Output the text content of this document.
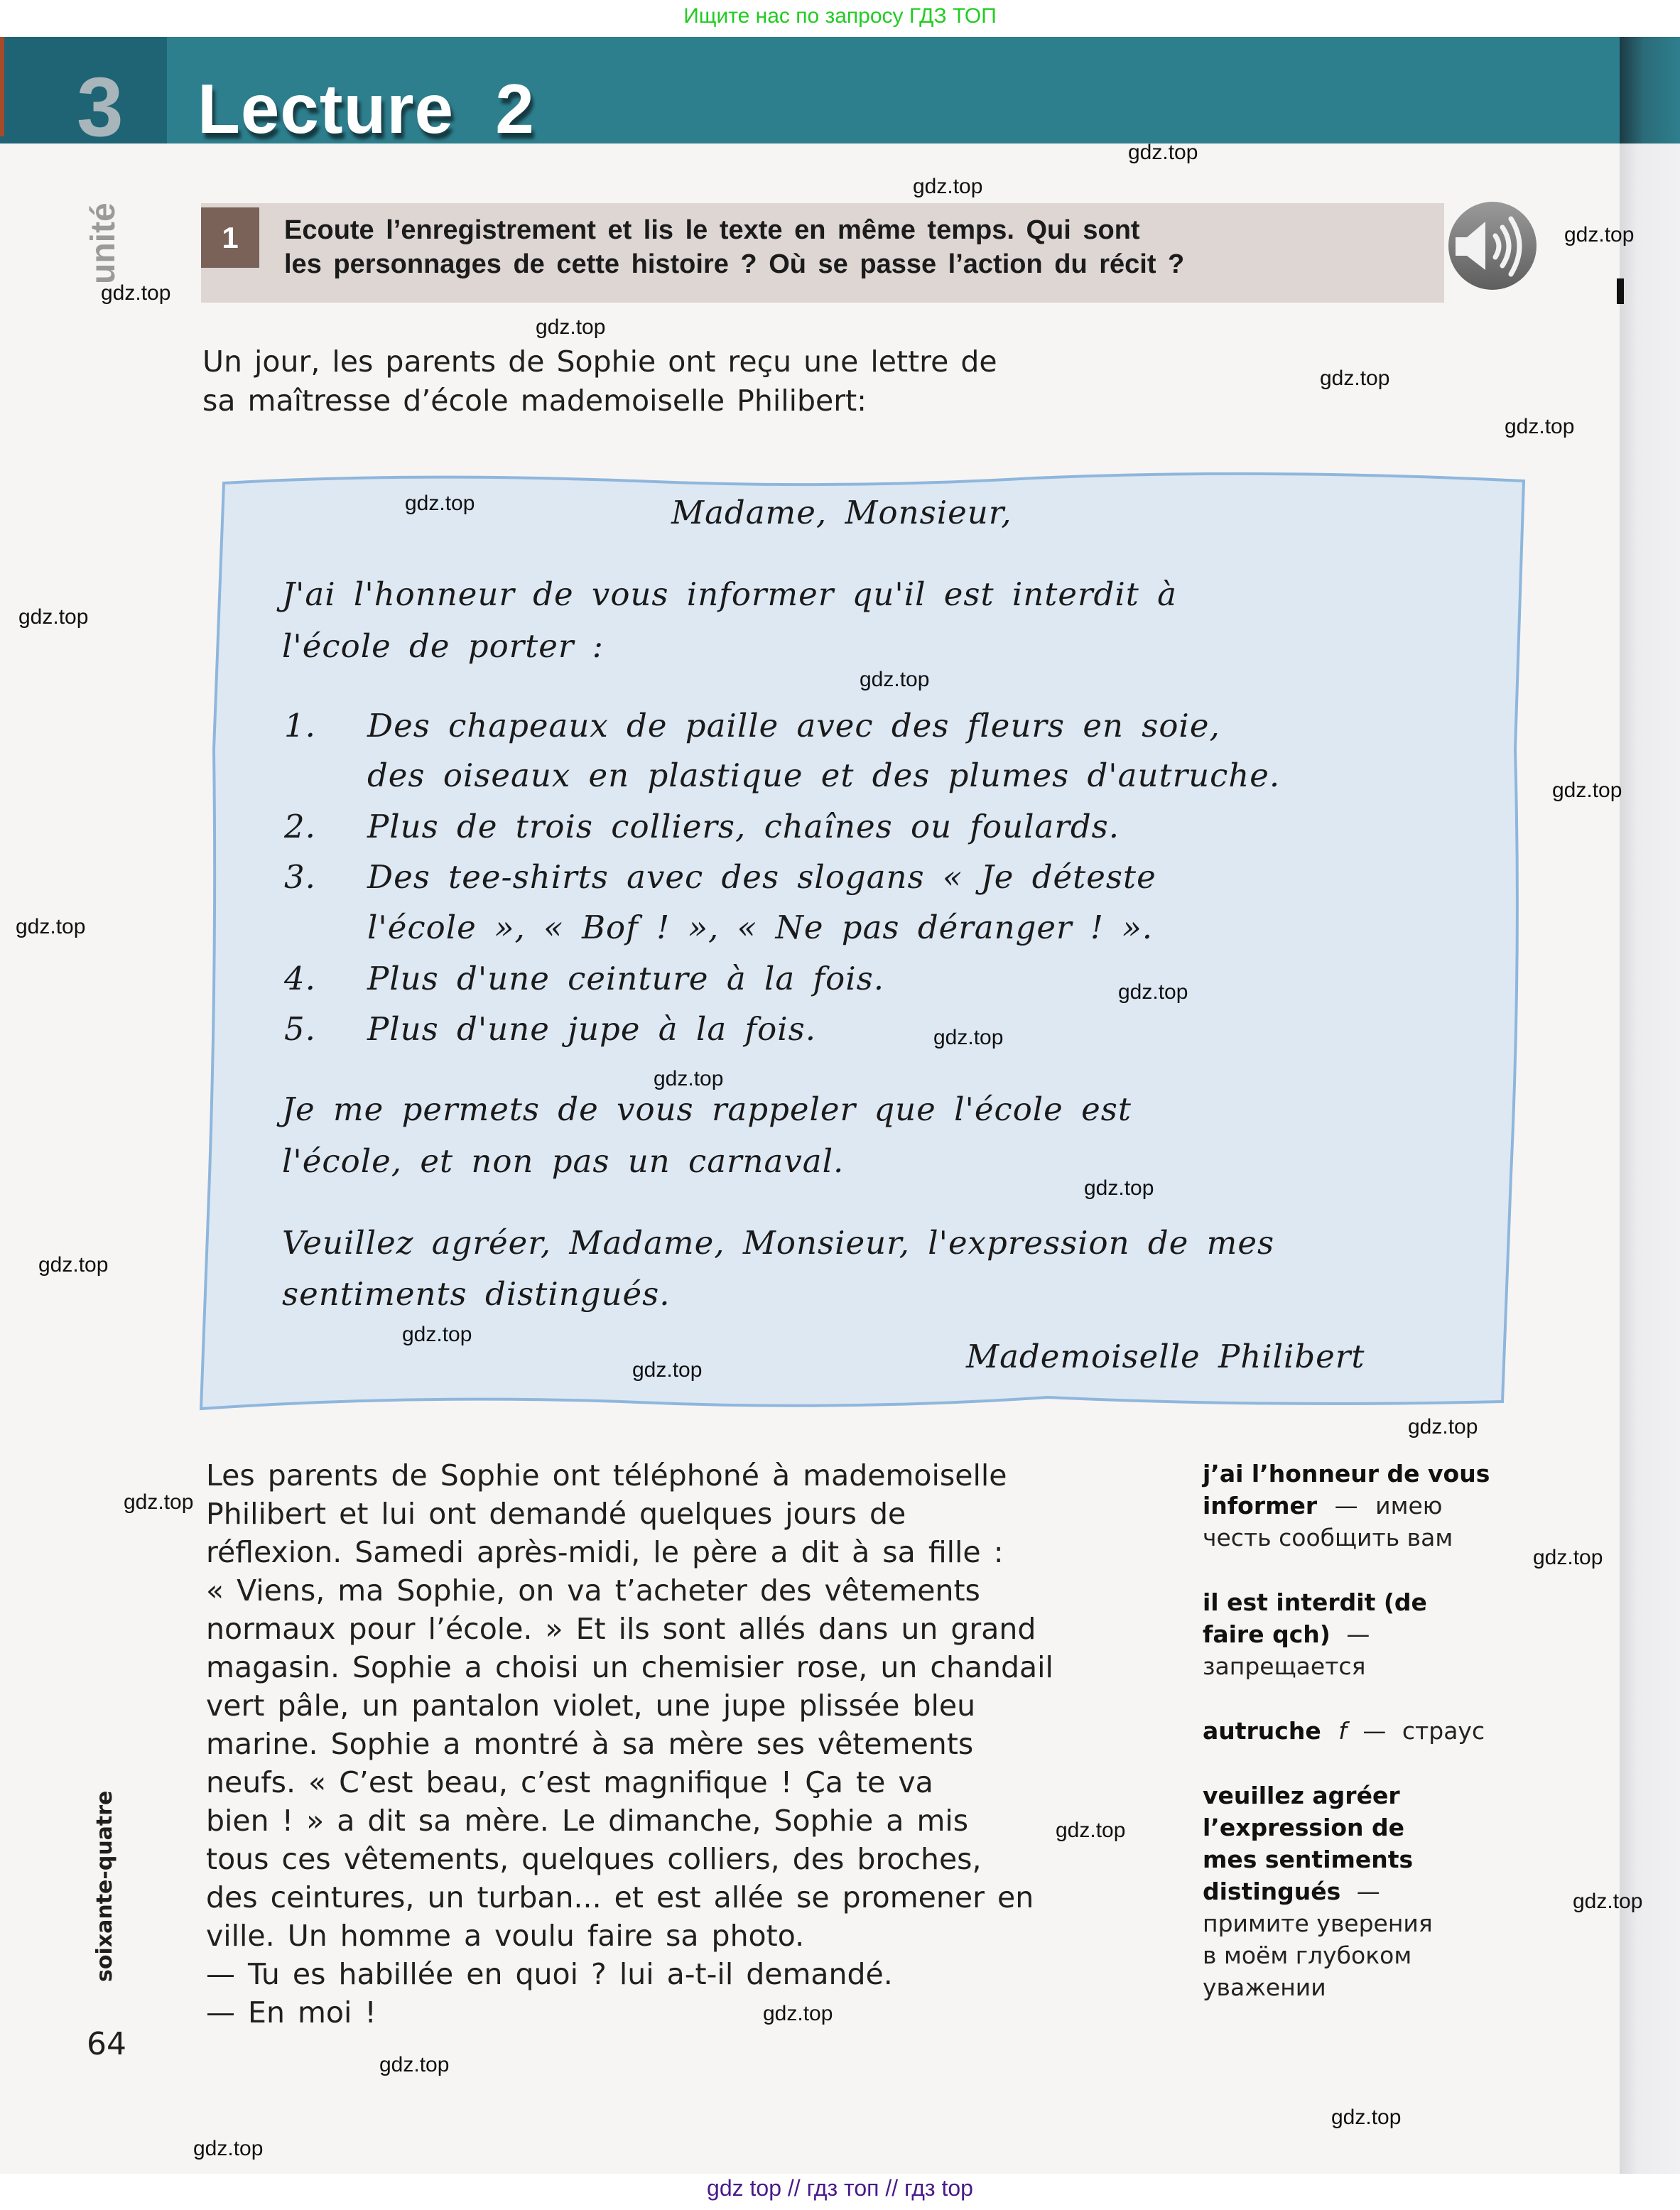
Ищите нас по запросу ГДЗ ТОП
3 Lecture 2
unité	1	Ecoute l’enregistrement et lis le texte en même temps. Qui sont
les personnages de cette histoire ? Où se passe l’action du récit ?
Un jour, les parents de Sophie ont reçu une lettre de
sa maîtresse d’école mademoiselle Philibert:
Madame, Monsieur,
J'ai l'honneur de vous informer qu'il est interdit à
l'école de porter :
1. Des chapeaux de paille avec des fleurs en soie,
des oiseaux en plastique et des plumes d'autruche.
2. Plus de trois colliers, chaînes ou foulards.
3. Des tee-shirts avec des slogans « Je déteste
l'école », « Bof ! », « Ne pas déranger ! ».
4. Plus d'une ceinture à la fois.
5. Plus d'une jupe à la fois.
Je me permets de vous rappeler que l'école est
l'école, et non pas un carnaval.
Veuillez agréer, Madame, Monsieur, l'expression de mes
sentiments distingués.
Mademoiselle Philibert
Les parents de Sophie ont téléphoné à mademoiselle
Philibert et lui ont demandé quelques jours de
réflexion. Samedi après-midi, le père a dit à sa fille :
« Viens, ma Sophie, on va t’acheter des vêtements
normaux pour l’école. » Et ils sont allés dans un grand
magasin. Sophie a choisi un chemisier rose, un chandail
vert pâle, un pantalon violet, une jupe plissée bleu
marine. Sophie a montré à sa mère ses vêtements
neufs. « C’est beau, c’est magnifique ! Ça te va
bien ! » a dit sa mère. Le dimanche, Sophie a mis
tous ces vêtements, quelques colliers, des broches,
des ceintures, un turban... et est allée se promener en
ville. Un homme a voulu faire sa photo.
— Tu es habillée en quoi ? lui a-t-il demandé.
— En moi !
j’ai l’honneur de vous
informer — имею
честь сообщить вам
il est interdit (de
faire qch) —
запрещается
autruche f — страус
veuillez agréer
l’expression de
mes sentiments
distingués —
примите уверения
в моём глубоком
уважении
soixante-quatre
64
gdz.top
gdz.top
gdz.top
gdz.top
gdz.top
gdz.top
gdz.top
gdz.top
gdz.top
gdz.top
gdz.top
gdz.top
gdz.top
gdz.top
gdz.top
gdz.top
gdz.top
gdz.top
gdz.top
gdz.top
gdz.top
gdz.top
gdz.top
gdz.top
gdz.top
gdz.top
gdz.top
gdz.top
gdz top // гдз топ // гдз top
